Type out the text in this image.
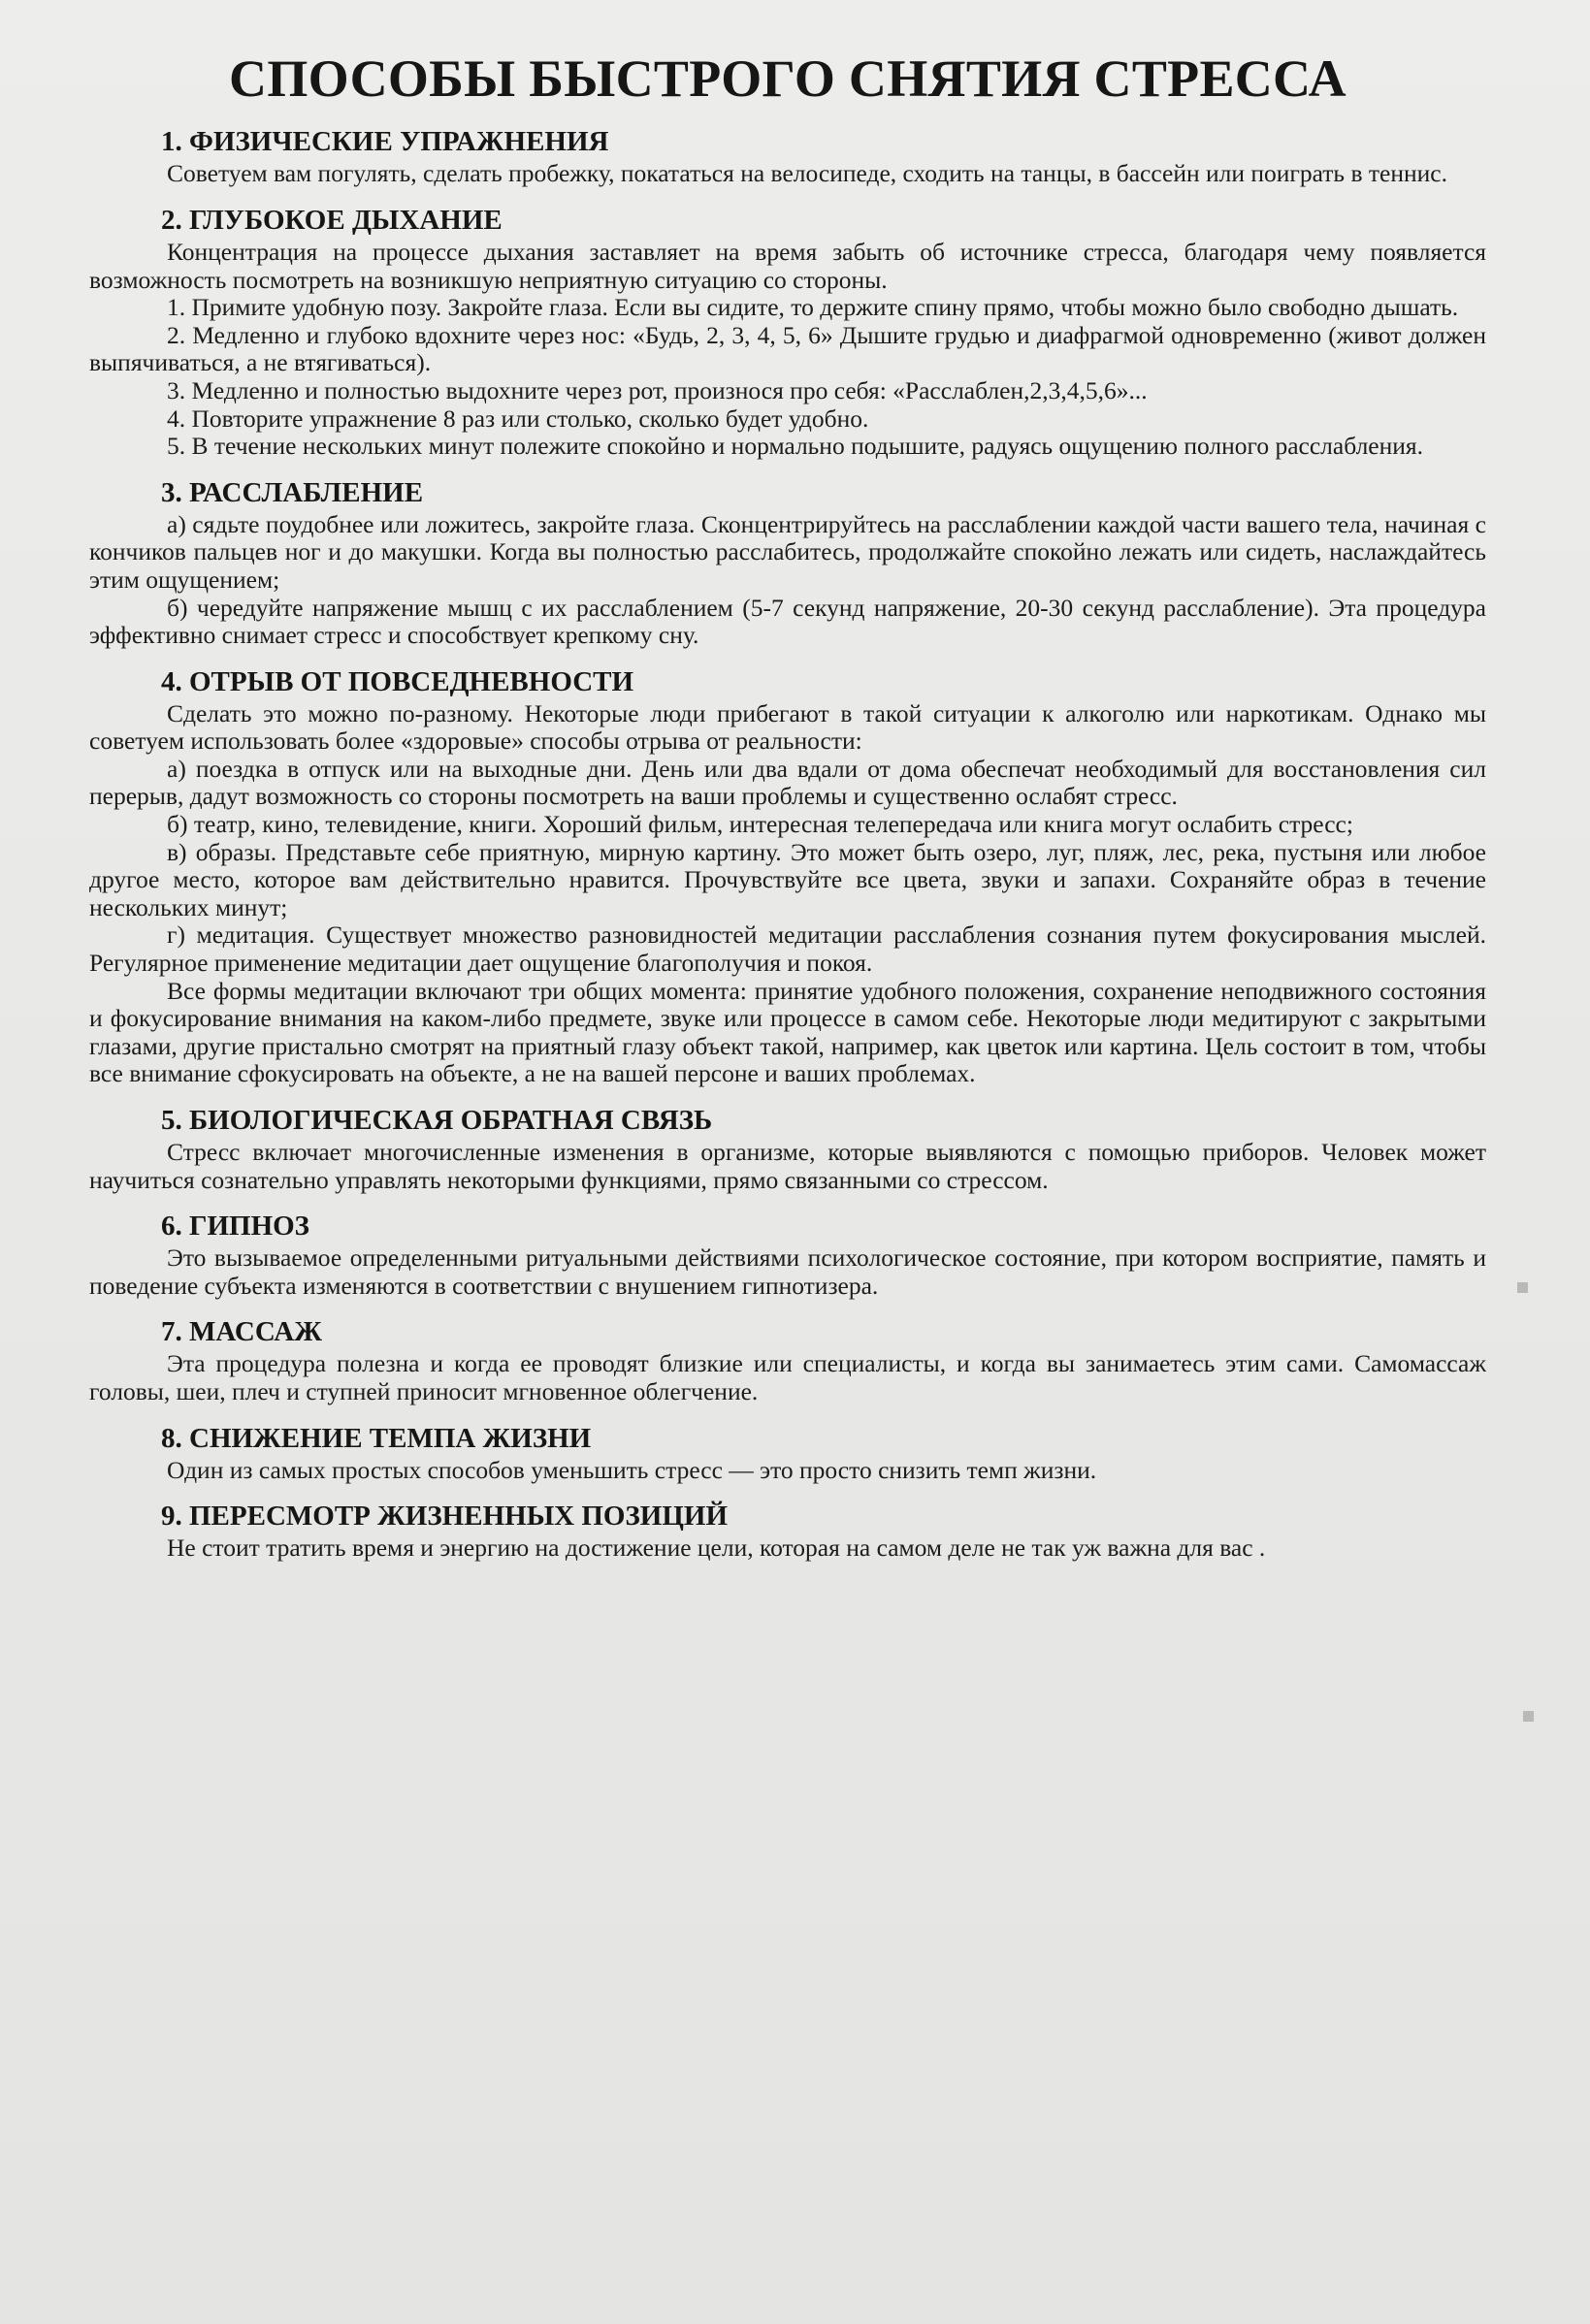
СПОСОБЫ БЫСТРОГО СНЯТИЯ СТРЕССА
1. ФИЗИЧЕСКИЕ УПРАЖНЕНИЯ

Советуем вам погулять, сделать пробежку, покататься на велосипеде, сходить на танцы, в бассейн или поиграть в теннис.

2. ГЛУБОКОЕ ДЫХАНИЕ

Концентрация на процессе дыхания заставляет на время забыть об источнике стресса, благодаря чему появляется возможность посмотреть на возникшую неприятную ситуацию со стороны.

1. Примите удобную позу. Закройте глаза. Если вы сидите, то держите спину прямо, чтобы можно было свободно дышать.

2. Медленно и глубоко вдохните через нос: «Будь, 2, 3, 4, 5, 6» Дышите грудью и диафрагмой одновременно (живот должен выпячиваться, а не втягиваться).

3. Медленно и полностью выдохните через рот, произнося про себя: «Расслаблен,2,3,4,5,6»...

4. Повторите упражнение 8 раз или столько, сколько будет удобно.

5. В течение нескольких минут полежите спокойно и нормально подышите, радуясь ощущению полного расслабления.

3. РАССЛАБЛЕНИЕ

а) сядьте поудобнее или ложитесь, закройте глаза. Сконцентрируйтесь на расслаблении каждой части вашего тела, начиная с кончиков пальцев ног и до макушки. Когда вы полностью расслабитесь, продолжайте спокойно лежать или сидеть, наслаждайтесь этим ощущением;

б) чередуйте напряжение мышц с их расслаблением (5-7 секунд напряжение, 20-30 секунд расслабление). Эта процедура эффективно снимает стресс и способствует крепкому сну.

4. ОТРЫВ ОТ ПОВСЕДНЕВНОСТИ

Сделать это можно по-разному. Некоторые люди прибегают в такой ситуации к алкоголю или наркотикам. Однако мы советуем использовать более «здоровые» способы отрыва от реальности:

а) поездка в отпуск или на выходные дни. День или два вдали от дома обеспечат необходимый для восстановления сил перерыв, дадут возможность со стороны посмотреть на ваши проблемы и существенно ослабят стресс.

б) театр, кино, телевидение, книги. Хороший фильм, интересная телепередача или книга могут ослабить стресс;

в) образы. Представьте себе приятную, мирную картину. Это может быть озеро, луг, пляж, лес, река, пустыня или любое другое место, которое вам действительно нравится. Прочувствуйте все цвета, звуки и запахи. Сохраняйте образ в течение нескольких минут;

г) медитация. Существует множество разновидностей медитации расслабления сознания путем фокусирования мыслей. Регулярное применение медитации дает ощущение благополучия и покоя.

Все формы медитации включают три общих момента: принятие удобного положения, сохранение неподвижного состояния и фокусирование внимания на каком-либо предмете, звуке или процессе в самом себе. Некоторые люди медитируют с закрытыми глазами, другие пристально смотрят на приятный глазу объект такой, например, как цветок или картина. Цель состоит в том, чтобы все внимание сфокусировать на объекте, а не на вашей персоне и ваших проблемах.

5. БИОЛОГИЧЕСКАЯ ОБРАТНАЯ СВЯЗЬ

Стресс включает многочисленные изменения в организме, которые выявляются с помощью приборов. Человек может научиться сознательно управлять некоторыми функциями, прямо связанными со стрессом.

6. ГИПНОЗ

Это вызываемое определенными ритуальными действиями психологическое состояние, при котором восприятие, память и поведение субъекта изменяются в соответствии с внушением гипнотизера.

7. МАССАЖ

Эта процедура полезна и когда ее проводят близкие или специалисты, и когда вы занимаетесь этим сами. Самомассаж головы, шеи, плеч и ступней приносит мгновенное облегчение.

8. СНИЖЕНИЕ ТЕМПА ЖИЗНИ

Один из самых простых способов уменьшить стресс — это просто снизить темп жизни.

9. ПЕРЕСМОТР ЖИЗНЕННЫХ ПОЗИЦИЙ

Не стоит тратить время и энергию на достижение цели, которая на самом деле не так уж важна для вас .
